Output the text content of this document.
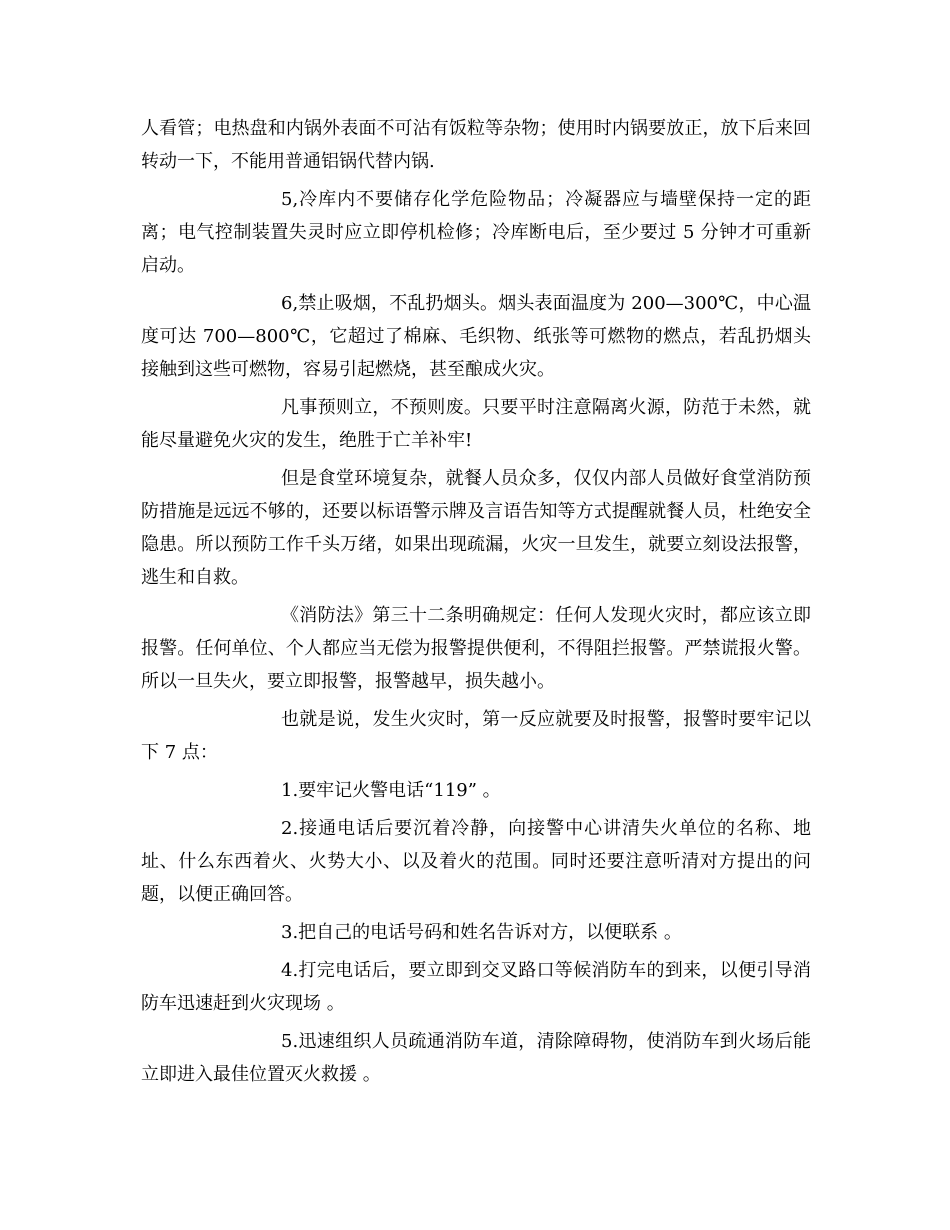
人看管；电热盘和内锅外表面不可沾有饭粒等杂物；使用时内锅要放正，放下后来回转动一下，不能用普通铝锅代替内锅.

5,冷库内不要储存化学危险物品；冷凝器应与墙壁保持一定的距离；电气控制装置失灵时应立即停机检修；冷库断电后，至少要过 5 分钟才可重新启动。

6,禁止吸烟，不乱扔烟头。烟头表面温度为 200—300℃，中心温度可达 700—800℃，它超过了棉麻、毛织物、纸张等可燃物的燃点，若乱扔烟头接触到这些可燃物，容易引起燃烧，甚至酿成火灾。

凡事预则立，不预则废。只要平时注意隔离火源，防范于未然，就能尽量避免火灾的发生，绝胜于亡羊补牢!

但是食堂环境复杂，就餐人员众多，仅仅内部人员做好食堂消防预防措施是远远不够的，还要以标语警示牌及言语告知等方式提醒就餐人员，杜绝安全隐患。所以预防工作千头万绪，如果出现疏漏，火灾一旦发生，就要立刻设法报警，逃生和自救。

《消防法》第三十二条明确规定：任何人发现火灾时，都应该立即报警。任何单位、个人都应当无偿为报警提供便利，不得阻拦报警。严禁谎报火警。所以一旦失火，要立即报警，报警越早，损失越小。

也就是说，发生火灾时，第一反应就要及时报警，报警时要牢记以下 7 点：

1.要牢记火警电话“119” 。

2.接通电话后要沉着冷静，向接警中心讲清失火单位的名称、地址、什么东西着火、火势大小、以及着火的范围。同时还要注意听清对方提出的问题，以便正确回答。

3.把自己的电话号码和姓名告诉对方，以便联系 。

4.打完电话后，要立即到交叉路口等候消防车的到来，以便引导消防车迅速赶到火灾现场 。

5.迅速组织人员疏通消防车道，清除障碍物，使消防车到火场后能立即进入最佳位置灭火救援 。
